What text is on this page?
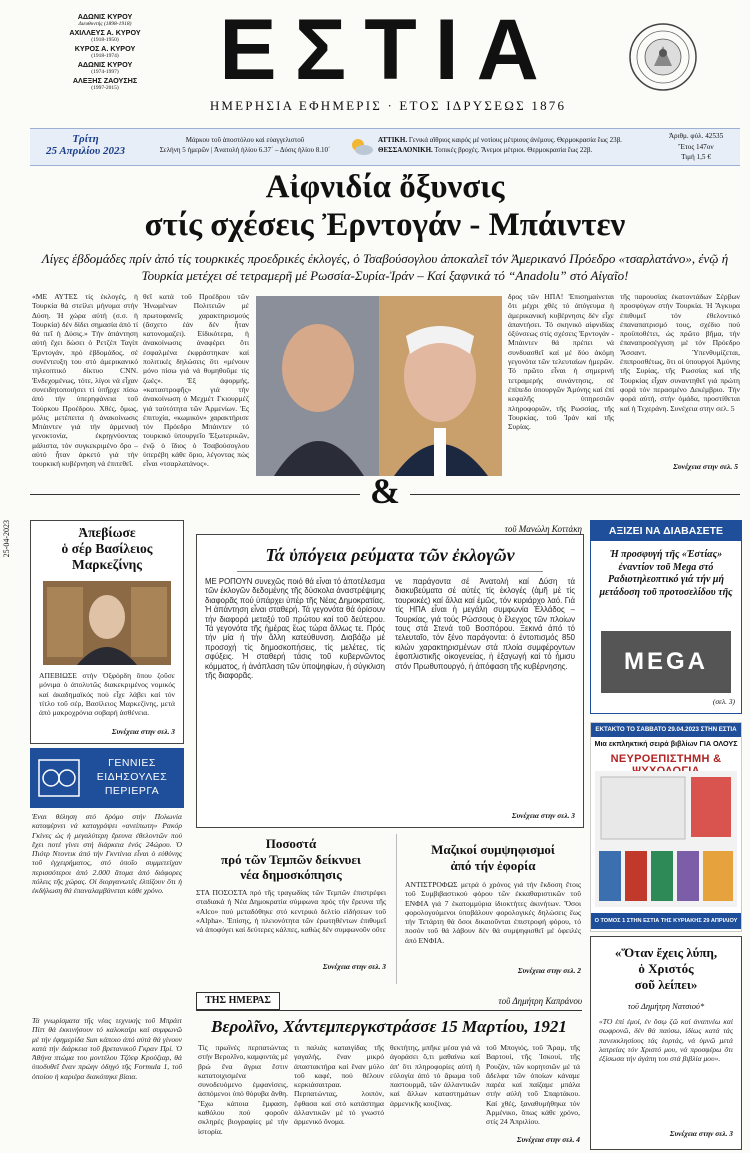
ΑΔΩΝΙΣ ΚΥΡΟΥ
Διευθυντής (1898-1918)
ΑΧΙΛΛΕΥΣ Α. ΚΥΡΟΥ
(1918-1950)
ΚΥΡΟΣ Α. ΚΥΡΟΥ
(1918-1974)
ΑΔΩΝΙΣ ΚΥΡΟΥ
(1974-1997)
ΑΛΕΞΗΣ ΖΑΟΥΣΗΣ
(1997-2015)	ΕΣΤΙΑ
ΗΜΕΡΗΣΙΑ ΕΦΗΜΕΡΙΣ · ΕΤΟΣ ΙΔΡΥΣΕΩΣ 1876
Τρίτη
25 Απριλίου 2023
Μάρκου τοῦ ἀποστόλου καὶ εὐαγγελιστοῦ
Σελήνη 5 ἡμερῶν | Ἀνατολὴ ἡλίου 6.37΄ – Δύσις ἡλίου 8.10΄
ΑΤΤΙΚΗ. Γενικά αἴθριος καιρός μέ νοτίους μέτριους ἀνέμους. Θερμοκρασία ἕως 23β.
ΘΕΣΣΑΛΟΝΙΚΗ. Τοπικές βροχές. Ἄνεμοι μέτριοι. Θερμοκρασία ἕως 22β.
Ἀριθμ. φύλ. 42535
Ἔτος 147ον
Τιμή 1,5 €
Αἰφνιδία ὄξυνσις
στίς σχέσεις Ἐρντογάν - Μπάιντεν
Λίγες ἑβδομάδες πρίν ἀπό τίς τουρκικές προεδρικές ἐκλογές, ὁ Τσαβούσογλου ἀποκαλεῖ τόν Ἀμερικανό Πρόεδρο «τσαρλατάνο», ἐνῷ ἡ Τουρκία μετέχει σέ τετραμερῆ μέ Ρωσσία-Συρία-Ἰράν – Καί ξαφνικά τό “Anadolu” στό Αἰγαῖο!
«ΜΕ ΑΥΤΕΣ τίς ἐκλογές, ἡ Τουρκία θά στείλει μήνυμα στήν Δύση. Ἡ χώρα αὐτή (σ.σ. ἡ Τουρκία) δέν δίδει σημασία ἀπό τί θά πεῖ ἡ Δύσις.» Τήν ἀπάντηση αὐτή ἔχει δώσει ὁ Ρετζέπ Ταγίπ Ἐρντογάν, πρό ἑβδομάδος, σέ συνέντευξη του στό ἀμερικανικό τηλεοπτικό δίκτυο CNN. Ἐνδεχομένως, τότε, λίγοι νά εἶχαν συνειδητοποιήσει τί ὑπῆρχε πίσω ἀπό τήν ὑπερηφάνεια τοῦ Τούρκου Προέδρου. Χθές, ὅμως, μόλις μετέπειτα ἡ ἀνακοίνωσις Μπάιντεν γιά τήν ἀρμενική γενοκτονία, ἐκρηγνύοντας μάλιστα, τόν συγκεκριμένο ὅρο – αὐτό ἦταν ἀρκετό γιά τήν τουρκική κυβέρνηση νά ἐπιτεθεῖ.
θεῖ κατά τοῦ Προέδρου τῶν Ἡνωμένων Πολιτειῶν μέ πρωτοφανεῖς χαρακτηρισμούς (ἄσχετο ἐάν δέν ἦταν κατονομαζει). Εἰδικότερα, ἡ ἀνακοίνωσις ἀναφέρει ὅτι ἐσφαλμένα ἐκφράστηκαν καί πολιτικές δηλώσεις ὅτι «μένουν μόνο πίσω γιά νά θυμηθοῦμε τίς ζωές». Ἐξ ἀφορμής, «καταστροφῆς» γιά τήν ἀνακοίνωση ὁ Μεχμέτ Γκιουρμέζ γιά ταὐτότητα τῶν Ἀρμενίων. Ἐς ἐπιτυχία, «κωμικόν» χαρακτήρισε τόν Πρόεδρο Μπάιντεν τό τουρκικό ὑπουργεῖο Ἐξωτερικῶν, ἐνῷ ὁ ἴδιος ὁ Τσαβούσογλου ὑπερέβη κάθε ὅριο, λέγοντας πώς εἶναι «τσαρλατάνος».
δρος τῶν ΗΠΑ! Ἐπισημαίνεται ὅτι μέχρι χθές τό ἀπόγευμα ἡ ἀμερικανική κυβέρνησις δέν εἶχε ἀπαντήσει. Τό σκηνικό αἰφνιδίας ὀξύνσεως στίς σχέσεις Ἐρντογάν - Μπάιντεν θά πρέπει νά συνδυασθεῖ καί μέ δύο ἀκόμη γεγονότα τῶν τελευταίων ἡμερῶν. Τό πρῶτο εἶναι ἡ σημερινή τετραμερής συνάντησις, σέ ἐπίπεδο ὑπουργῶν Ἀμύνης καί ἐπί κεφαλῆς ὑπηρεσιῶν πληροφοριῶν, τῆς Ρωσσίας, τῆς Τουρκίας, τοῦ Ἰράν καί τῆς Συρίας.
τῆς παρουσίας ἑκατοντάδων Σέρβων προσφύγων στήν Τουρκία. Ἡ Ἄγκυρα ἐπιθυμεῖ τόν ἐθελοντικό ἐπαναπατρισμό τους, σχέδιο πού προϋποθέτει, ὡς πρῶτο βῆμα, τήν ἐπαναπροσέγγιση μέ τόν Πρόεδρο Ἄσσαντ. Ὑπενθυμίζεται, ἐπιπροσθέτως, ὅτι οἱ ὑπουργοί Ἀμύνης τῆς Συρίας, τῆς Ρωσσίας καί τῆς Τουρκίας εἶχαν συναντηθεῖ γιά πρώτη φορά τόν περασμένο Δεκέμβριο. Τήν φορά αὐτή, στήν ὁμάδα, προστίθεται καί ἡ Τεχεράνη. Συνέχεια στην σελ. 5
Συνέχεια στην σελ. 5
&
25-04-2023	Ἀπεβίωσε
ὁ σέρ Βασίλειος
Μαρκεζίνης
ΑΠΕΒΙΩΣΕ στήν Ὀξφόρδη ὅπου ζοῦσε μόνιμα ὁ ἀπολυτῶς διακεκριμένος νομικός καί ἀκαδημαϊκός πού εἶχε λάβει καί τόν τίτλο τοῦ σέρ, Βασίλειος Μαρκεζίνης, μετά ἀπό μακροχρόνια σοβαρή ἀσθένεια.
Συνέχεια στην σελ. 3
ΓΕΝΝΙΕΣ
ΕΙΔΗΣΟΥΛΕΣ
ΠΕΡΙΕΡΓΑ
Ἐναι θέληση στό δρόμο στήν Πολωνία καταφέρνει νά καταγράψει «ανείπωτη» Ρακόρ Γκίνες ώς ἡ μεγαλύτερη ἔρευνα ἐθελοντῶν πού ἔχει ποτέ γίνει στή διάρκεια ἑνός 24ώρου. Ὁ Πιότρ Ντοντικ ἀπό τήν Γκντίνια εἶναι ὁ εὐθύνης τοῦ ἐγχειρήματος, στό ὁποῖο συμμετείχαν περισσότεροι ἀπό 2.000 ἄτομα ἀπό διάφορες πόλεις τῆς χώρας. Οἱ διοργανωτές ἐλπίζουν ὅτι ἡ ἐκδήλωση θά ἐπαναλαμβάνεται κάθε χρόνο.
Τά γνωρίσματα τῆς νέας τεχνικής τοῦ Μπράιτ Πίττ θά ἐκκινήσουν τό καλοκαίρι καί συμφωνῶ μέ τήν ἐφημερίδα Sun κάποιο ἀπό αὐτά θά γίνουν κατά τήν διάρκεια τοῦ βρετανικοῦ Γκραν Πρί. Ὁ Ἀθήνα πτώμα του μοντέλου Τζόεφ Κρούζιαρ, θά ὑποδυθεῖ ἕναν πρώην ὁδηγό τῆς Formula 1, τοῦ ὁποίου ἡ καριέρα διακόπηκε βίαια.
τοῦ Μανώλη Κοττάκη
Τά ὑπόγεια ρεύματα τῶν ἐκλογῶν
ΜΕ ΡΟΠΟΥΝ συνεχῶς ποιό θά εἶναι τό ἀποτέλεσμα τῶν ἐκλογῶν δεδομένης τῆς δύσκολα ἀναστρέψιμης διαφορᾶς πού ὑπάρχει ὑπέρ τῆς Νέας Δημοκρατίας. Ἡ ἀπάντηση εἶναι σταθερή. Τά γεγονότα θά ὁρίσουν τήν διαφορά μεταξύ τοῦ πρώτου καί τοῦ δεύτερου. Τά γεγονότα τῆς ἡμέρας ἕως τώρα ἄλλως τε. Πρός τήν μία ἡ τήν ἄλλη κατεύθυνση. Διαβάζω μέ προσοχή τίς δημοσκοπήσεις, τίς μελέτες, τίς σφύξεις. Ἡ σταθερή τάσις τοῦ κυβερνῶντος κόμματος, ἡ ἀνάπλαση τῶν ὑποψηφίων, ἡ σύγκλιση τῆς διαφορᾶς.
νε παράγοντα σέ Ἀνατολή καί Δύση τά διακυβεύματα σέ αὐτές τίς ἐκλογές (ἀμῆ μέ τίς τουρκικές) καί ἄλλα καί ἐμῶς, τόν κυριάρχο λαό. Γιά τίς ΗΠΑ εἶναι ἡ μεγάλη συμφωνία Ἑλλάδος – Τουρκίας, γιά τούς Ρώσσους ὁ ἔλεγχος τῶν πλοίων τους στά Στενά τοῦ Βοσπόρου. Ξεκινά ἀπό τό τελευταῖο, τόν ξένο παράγοντα: ὁ ἐντοπισμός 850 κιλών χαρακτηρισμένων στά πλοία συμφέροντων ἐφοπλιστικῆς οἰκογενείας, ἡ ἐξαγωγή καί τό ἦμισυ στόν Πρωθυπουργό, ἡ ἀπόφαση τῆς κυβέρνησης.
Συνέχεια στην σελ. 3
Ποσοστά
πρό τῶν Τεμπῶν δείκνυει
νέα δημοσκόπησις
ΣΤΑ ΠΟΣΟΣΤΑ πρό τῆς τραγωδίας τῶν Τεμπῶν ἐπιστρέφει σταδιακά ἡ Νέα Δημοκρατία σύμφωνα πρός τήν ἔρευνα τῆς «Alco» πού μεταδόθηκε στό κεντρικό δελτίο εἰδήσεων τοῦ «Alpha». Ἐπίσης, ἡ πλειονότητα τῶν ἐρωτηθέντων ἐπιθυμεῖ νά ἀποφύγει καί δεύτερες κάλπες, καθώς δέν συμφωνοῦν οὔτε
Συνέχεια στην σελ. 3
Μαζικοί συμψηφισμοί
ἀπό τήν ἐφορία
ΑΝΤΙΣΤΡΟΦΩΣ μετρά ὁ χρόνος γιά τήν ἔκδοση ἔτοις τοῦ Συμβιβαστικού φόρου τῶν ἐκκαθαριστικῶν τοῦ ΕΝΦΙΑ γιά 7 ἑκατομμύρια ἰδιοκτήτες ἀκινήτων. Ὅσοι φορολογούμενοι ὑποβάλουν φορολογικές δηλώσεις ἕως τήν Τετάρτη θά ὅσοι δικαιοῦνται ἐπιστροφή φόρου, τό ποσόν τοῦ θά λάβουν δέν θά συμψηφισθεῖ μέ ὀφειλές ἀπό ΕΝΦΙΑ.
Συνέχεια στην σελ. 2
ΤΗΣ ΗΜΕΡΑΣ	τοῦ Δημήτρη Καπράνου
Βερολῖνο, Χάντεμπεργκστράσσε 15 Μαρτίου, 1921
Τίς πρωϊνές περπατώντας στήν Βερολῖνο, καμφιντάς μέ βρώ ἕνα ἄγρια ἔστιν κατατοιχισμένα συνοδευόμενο ἐμφανίσεις, ἀσπόμενοι ὑπό θόρυβα ἄνθη. Ἔχω κάποια ἔμφαση, καθόλου πού φοροῦν σκληρές βιογραφίες μέ τήν ἱστορία.
τι παλιάς καταιγίδας τῆς γαγαλής, ἕναν μικρό ἀπαστακτήρα καί ἕναν μύλο τοῦ καφέ, πού θέλουν κερκιάσαιτραα. Περπατώντας, λοιπόν, ἔφθασα καί στό κατάστημα ἀλλαντικῶν μέ τό γνωστό ἀρμενικό ὄνομα.
θεκτήτης, μπῆκε μέσα γιά νά ἀγοράσει ὅ,τι μαθαίνω καί ἀπ' ὅτι πληροφορίες αὐτή ἡ εὐλογία ἀπό τό ἄρωμα τοῦ παστουρμᾶ, τῶν ἀλλαντικῶν καί ἄλλων καταστημάτων ἀρμενικῆς κουζίνας.
τοῦ Μπογιός, τοῦ Ἄραμ, τῆς Βαρτουί, τῆς Ἰσκουί, τῆς Ρουζάν, τῶν κορητσιῶν μέ τά ἄδελφα τῶν ὁποίων κάναμε παρέα καί παίζαμε μπάλα στήν αὐλή τοῦ Σπαρτάκου. Καί χθές, ξαναθυμήθηκα τόν Ἀρμένικο, ὅπως κάθε χρόνο, στίς 24 Ἀπριλίου.
Συνέχεια στην σελ. 4
ΑΞΙΖΕΙ ΝΑ ΔΙΑΒΑΣΕΤΕ
Ἡ προσφυγή τῆς «Ἑστίας» ἐναντίον τοῦ Mega στό Ραδιοτηλεοπτικό γιά τήν μή μετάδοση τοῦ προτοσελίδου τῆς
MEGA
(σελ. 3)
ΕΚΤΑΚΤΟ ΤΟ ΣΑΒΒΑΤΟ 29.04.2023 ΣΤΗΝ ΕΣΤΙΑ
Μια εκπληκτική σειρά βιβλίων ΓΙΑ ΟΛΟΥΣ
ΝΕΥΡΟΕΠΙΣΤΗΜΗ &
Ο ΤΟΜΟΣ 1 ΣΤΗΝ ΕΣΤΙΑ ΤΗΣ ΚΥΡΙΑΚΗΣ 29 ΑΠΡΙΛΙΟΥ
«Ὅταν ἔχεις λύπη,
ὁ Χριστός
σοῦ λείπει»
τοῦ Δημήτρη Νατσιού*
«ΤΟ ἐπί ἐμοί, ἐν ὅσῳ ζῶ καί ἀναπνέω καί σωφρονῶ, δέν θά παύσω, ἰδίως κατά τάς πανεκκλησίους τάς ἑορτάς, νά ὑμνῶ μετά λατρείας τόν Χριστό μου, νά προσφέρω ὅτι ἐξίσωσα τήν ἀγάπη του στά βιβλία μου».
Συνέχεια στην σελ. 3
